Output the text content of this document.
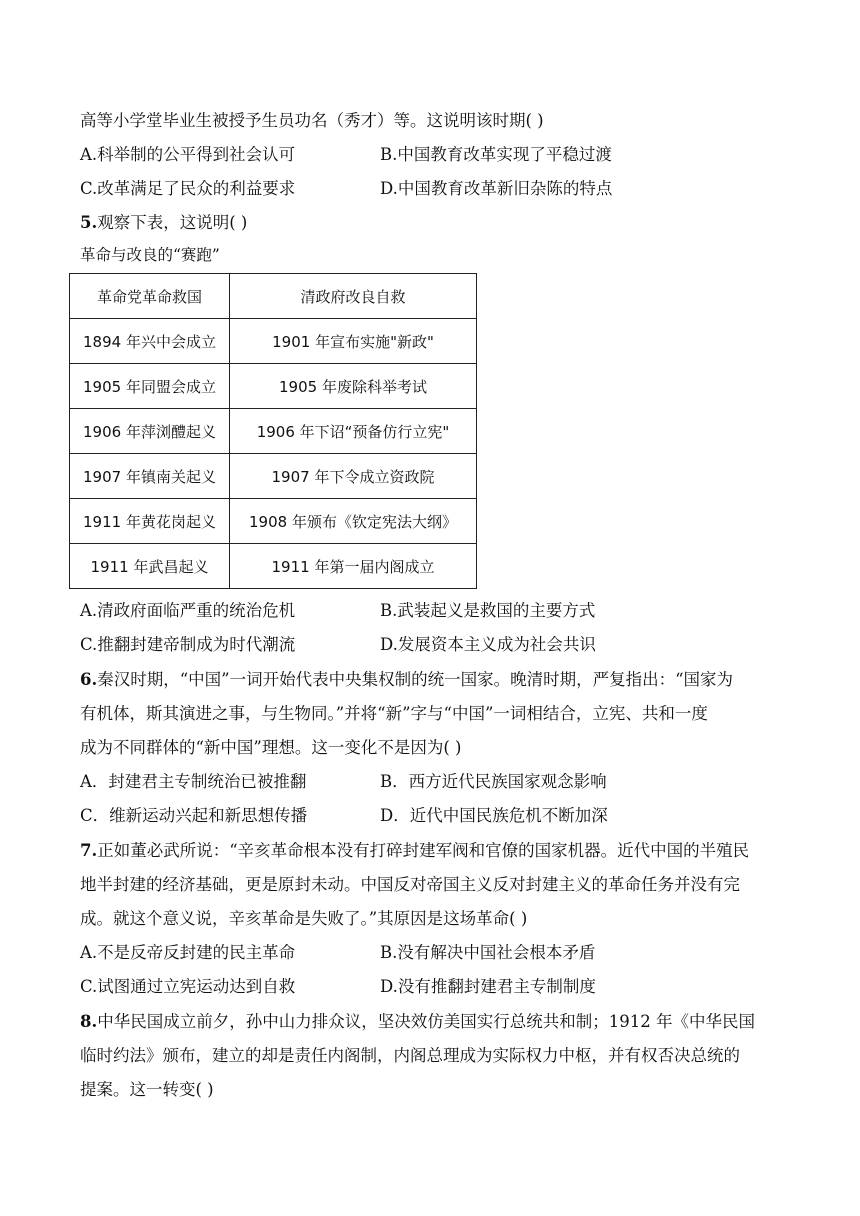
高等小学堂毕业生被授予生员功名（秀才）等。这说明该时期( )
A.科举制的公平得到社会认可	B.中国教育改革实现了平稳过渡
C.改革满足了民众的利益要求	D.中国教育改革新旧杂陈的特点
5.观察下表，这说明( )
革命与改良的“赛跑”
革命党革命救国	清政府改良自救
1894 年兴中会成立	1901 年宣布实施"新政"
1905 年同盟会成立	1905 年废除科举考试
1906 年萍浏醴起义	1906 年下诏“预备仿行立宪"
1907 年镇南关起义	1907 年下令成立资政院
1911 年黄花岗起义	1908 年颁布《钦定宪法大纲》
1911 年武昌起义	1911 年第一届内阁成立
A.清政府面临严重的统治危机	B.武装起义是救国的主要方式
C.推翻封建帝制成为时代潮流	D.发展资本主义成为社会共识
6.秦汉时期，“中国”一词开始代表中央集权制的统一国家。晚清时期，严复指出：“国家为
有机体，斯其演进之事，与生物同。”并将“新”字与“中国”一词相结合，立宪、共和一度
成为不同群体的“新中国”理想。这一变化不是因为( )
A．封建君主专制统治已被推翻	B．西方近代民族国家观念影响
C．维新运动兴起和新思想传播	D．近代中国民族危机不断加深
7.正如董必武所说：“辛亥革命根本没有打碎封建军阀和官僚的国家机器。近代中国的半殖民
地半封建的经济基础，更是原封未动。中国反对帝国主义反对封建主义的革命任务并没有完
成。就这个意义说，辛亥革命是失败了。”其原因是这场革命( )
A.不是反帝反封建的民主革命	B.没有解决中国社会根本矛盾
C.试图通过立宪运动达到自救	D.没有推翻封建君主专制制度
8.中华民国成立前夕，孙中山力排众议，坚决效仿美国实行总统共和制；1912 年《中华民国
临时约法》颁布，建立的却是责任内阁制，内阁总理成为实际权力中枢，并有权否决总统的
提案。这一转变( )
